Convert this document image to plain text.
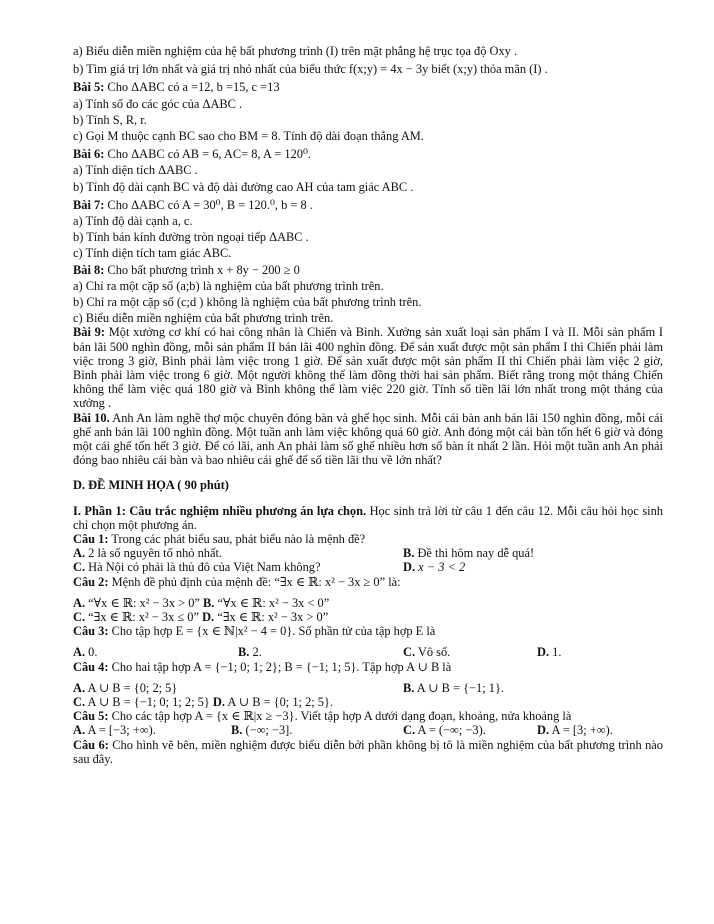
a) Biểu diễn miền nghiệm của hệ bất phương trình (I) trên mặt phẳng hệ trục tọa độ Oxy .
b) Tìm giá trị lớn nhất và giá trị nhỏ nhất của biểu thức f(x;y) = 4x − 3y biết (x;y) thỏa mãn (I) .
Bài 5: Cho ΔABC có a =12, b =15, c =13
a) Tính số đo các góc của ΔABC .
b) Tính S, R, r.
c) Gọi M thuộc cạnh BC sao cho BM = 8. Tính độ dài đoạn thẳng AM.
Bài 6: Cho ΔABC có AB = 6, AC= 8, A = 120⁰.
a) Tính diện tích ΔABC .
b) Tính độ dài cạnh BC và độ dài đường cao AH của tam giác ABC .
Bài 7: Cho ΔABC có A = 30⁰, B = 120.⁰, b = 8 .
a) Tính độ dài cạnh a, c.
b) Tính bán kính đường tròn ngoại tiếp ΔABC .
c) Tính diện tích tam giác ABC.
Bài 8: Cho bất phương trình x + 8y − 200 ≥ 0
a) Chỉ ra một cặp số (a;b) là nghiệm của bất phương trình trên.
b) Chỉ ra một cặp số (c;d ) không là nghiệm của bất phương trình trên.
c) Biểu diễn miền nghiệm của bất phương trình trên.
Bài 9: Một xưởng cơ khí có hai công nhân là Chiến và Bình. Xưởng sản xuất loại sản phẩm I và II. Mỗi sản phẩm I bán lãi 500 nghìn đồng, mỗi sản phẩm II bán lãi 400 nghìn đồng. Để sản xuất được một sản phẩm I thì Chiến phải làm việc trong 3 giờ, Bình phải làm việc trong 1 giờ. Để sản xuất được một sản phẩm II thì Chiến phải làm việc 2 giờ, Bình phải làm việc trong 6 giờ. Một người không thể làm đồng thời hai sản phẩm. Biết rằng trong một tháng Chiến không thể làm việc quá 180 giờ và Bình không thể làm việc 220 giờ. Tính số tiền lãi lớn nhất trong một tháng của xưởng .
Bài 10. Anh An làm nghề thợ mộc chuyên đóng bàn và ghế học sinh. Mỗi cái bàn anh bán lãi 150 nghìn đồng, mỗi cái ghế anh bán lãi 100 nghìn đồng. Một tuần anh làm việc không quá 60 giờ. Anh đóng một cái bàn tốn hết 6 giờ và đóng một cái ghế tốn hết 3 giờ. Để có lãi, anh An phải làm số ghế nhiều hơn số bàn ít nhất 2 lần. Hỏi một tuần anh An phải đóng bao nhiêu cái bàn và bao nhiêu cái ghế để số tiền lãi thu về lớn nhất?
D. ĐỀ MINH HỌA ( 90 phút)
I. Phần 1: Câu trắc nghiệm nhiều phương án lựa chọn. Học sinh trả lời từ câu 1 đến câu 12. Mỗi câu hỏi học sinh chỉ chọn một phương án.
Câu 1: Trong các phát biểu sau, phát biểu nào là mệnh đề?
A. 2 là số nguyên tố nhỏ nhất.	B. Đề thi hôm nay dễ quá!
C. Hà Nội có phải là thủ đô của Việt Nam không?	D. x − 3 < 2
Câu 2: Mệnh đề phủ định của mệnh đề: “∃x ∈ ℝ: x² − 3x ≥ 0” là:
A. “∀x ∈ ℝ: x² − 3x > 0” B. “∀x ∈ ℝ: x² − 3x < 0”
C. “∃x ∈ ℝ: x² − 3x ≤ 0” D. “∃x ∈ ℝ: x² − 3x > 0”
Câu 3: Cho tập hợp E = {x ∈ ℕ|x² − 4 = 0}. Số phần tử của tập hợp E là
A. 0.	B. 2.	C. Vô số.	D. 1.
Câu 4: Cho hai tập hợp A = {−1; 0; 1; 2}; B = {−1; 1; 5}. Tập hợp A ∪ B là
A. A ∪ B = {0; 2; 5}	B. A ∪ B = {−1; 1}.
C. A ∪ B = {−1; 0; 1; 2; 5} D. A ∪ B = {0; 1; 2; 5}.
Câu 5: Cho các tập hợp A = {x ∈ ℝ|x ≥ −3}. Viết tập hợp A dưới dạng đoạn, khoảng, nửa khoảng là
A. A = [−3; +∞).	B. (−∞; −3].	C. A = (−∞; −3).	D. A = [3; +∞).
Câu 6: Cho hình vẽ bên, miền nghiệm được biểu diễn bởi phần không bị tô là miền nghiệm của bất phương trình nào sau đây.
